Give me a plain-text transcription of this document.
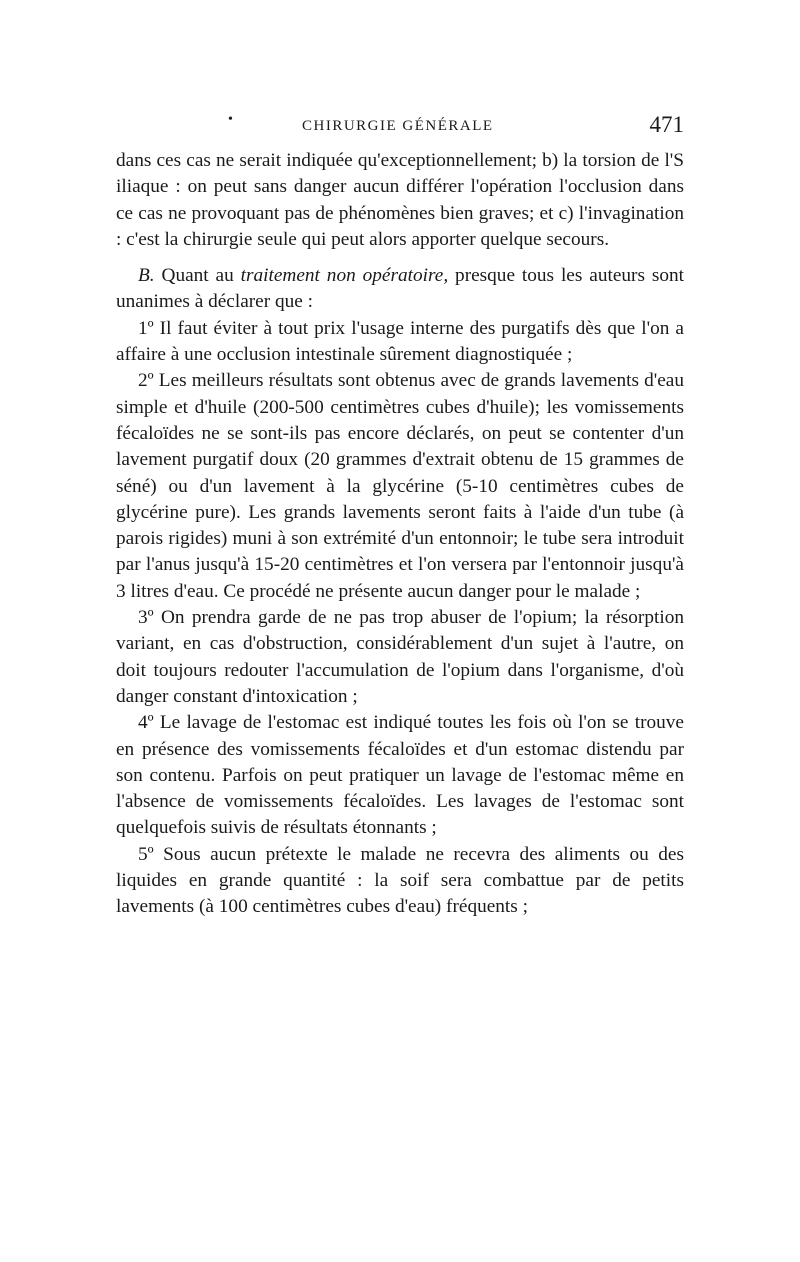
•	CHIRURGIE GÉNÉRALE	471

dans ces cas ne serait indiquée qu'exceptionnellement; b) la torsion de l'S iliaque : on peut sans danger aucun différer l'opération l'occlusion dans ce cas ne provoquant pas de phénomènes bien graves; et c) l'invagination : c'est la chirurgie seule qui peut alors apporter quelque secours.

B. Quant au traitement non opératoire, presque tous les auteurs sont unanimes à déclarer que :

1º Il faut éviter à tout prix l'usage interne des purgatifs dès que l'on a affaire à une occlusion intestinale sûrement diagnostiquée ;

2º Les meilleurs résultats sont obtenus avec de grands lavements d'eau simple et d'huile (200-500 centimètres cubes d'huile); les vomissements fécaloïdes ne se sont-ils pas encore déclarés, on peut se contenter d'un lavement purgatif doux (20 grammes d'extrait obtenu de 15 grammes de séné) ou d'un lavement à la glycérine (5-10 centimètres cubes de glycérine pure). Les grands lavements seront faits à l'aide d'un tube (à parois rigides) muni à son extrémité d'un entonnoir; le tube sera introduit par l'anus jusqu'à 15-20 centimètres et l'on versera par l'entonnoir jusqu'à 3 litres d'eau. Ce procédé ne présente aucun danger pour le malade ;

3º On prendra garde de ne pas trop abuser de l'opium; la résorption variant, en cas d'obstruction, considérablement d'un sujet à l'autre, on doit toujours redouter l'accumulation de l'opium dans l'organisme, d'où danger constant d'intoxication ;

4º Le lavage de l'estomac est indiqué toutes les fois où l'on se trouve en présence des vomissements fécaloïdes et d'un estomac distendu par son contenu. Parfois on peut pratiquer un lavage de l'estomac même en l'absence de vomissements fécaloïdes. Les lavages de l'estomac sont quelquefois suivis de résultats étonnants ;

5º Sous aucun prétexte le malade ne recevra des aliments ou des liquides en grande quantité : la soif sera combattue par de petits lavements (à 100 centimètres cubes d'eau) fréquents ;
